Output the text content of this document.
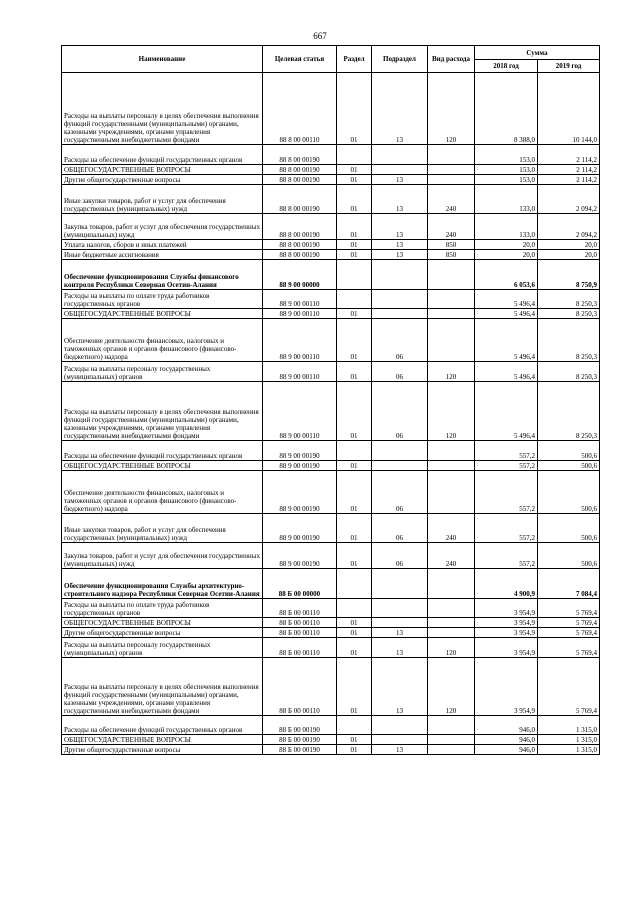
667
Наименование	Целевая статья	Раздел	Подраздел	Вид расхода	Сумма	
					2018 год	2019 год
Расходы на выплаты персоналу в целях обеспечения выполнения функций государственными (муниципальными) органами, казенными учреждениями, органами управления государственными внебюджетными фондами	88 8 00 00110	01	13	120	8 388,0	10 144,0
Расходы на обеспечение функций государственных органов	88 8 00 00190				153,0	2 114,2
ОБЩЕГОСУДАРСТВЕННЫЕ ВОПРОСЫ	88 8 00 00190	01			153,0	2 114,2
Другие общегосударственные вопросы	88 8 00 00190	01	13		153,0	2 114,2
Иные закупки товаров, работ и услуг для обеспечения государственных (муниципальных) нужд	88 8 00 00190	01	13	240	133,0	2 094,2
Закупка товаров, работ и услуг для обеспечения государственных (муниципальных) нужд	88 8 00 00190	01	13	240	133,0	2 094,2
Уплата налогов, сборов и иных платежей	88 8 00 00190	01	13	850	20,0	20,0
Иные бюджетные ассигнования	88 8 00 00190	01	13	850	20,0	20,0
Обеспечение функционирования Службы финансового контроля Республики Северная Осетии-Алания	88 9 00 00000				6 053,6	8 750,9
Расходы на выплаты по оплате труда работников государственных органов	88 9 00 00110				5 496,4	8 250,3
ОБЩЕГОСУДАРСТВЕННЫЕ ВОПРОСЫ	88 9 00 00110	01			5 496,4	8 250,3
Обеспечение деятельности финансовых, налоговых и таможенных органов и органов финансового (финансово-бюджетного) надзора	88 9 00 00110	01	06		5 496,4	8 250,3
Расходы на выплаты персоналу государственных (муниципальных) органов	88 9 00 00110	01	06	120	5 496,4	8 250,3
Расходы на выплаты персоналу в целях обеспечения выполнения функций государственными (муниципальными) органами, казенными учреждениями, органами управления государственными внебюджетными фондами	88 9 00 00110	01	06	120	5 496,4	8 250,3
Расходы на обеспечение функций государственных органов	88 9 00 00190				557,2	500,6
ОБЩЕГОСУДАРСТВЕННЫЕ ВОПРОСЫ	88 9 00 00190	01			557,2	500,6
Обеспечение деятельности финансовых, налоговых и таможенных органов и органов финансового (финансово-бюджетного) надзора	88 9 00 00190	01	06		557,2	500,6
Иные закупки товаров, работ и услуг для обеспечения государственных (муниципальных) нужд	88 9 00 00190	01	06	240	557,2	500,6
Закупка товаров, работ и услуг для обеспечения государственных (муниципальных) нужд	88 9 00 00190	01	06	240	557,2	500,6
Обеспечение функционирования Службы архитектурно-строительного надзора Республики Северная Осетии-Алания	88 Б 00 00000				4 900,9	7 084,4
Расходы на выплаты по оплате труда работников государственных органов	88 Б 00 00110				3 954,9	5 769,4
ОБЩЕГОСУДАРСТВЕННЫЕ ВОПРОСЫ	88 Б 00 00110	01			3 954,9	5 769,4
Другие общегосударственные вопросы	88 Б 00 00110	01	13		3 954,9	5 769,4
Расходы на выплаты персоналу государственных (муниципальных) органов	88 Б 00 00110	01	13	120	3 954,9	5 769,4
Расходы на выплаты персоналу в целях обеспечения выполнения функций государственными (муниципальными) органами, казенными учреждениями, органами управления государственными внебюджетными фондами	88 Б 00 00110	01	13	120	3 954,9	5 769,4
Расходы на обеспечение функций государственных органов	88 Б 00 00190				946,0	1 315,0
ОБЩЕГОСУДАРСТВЕННЫЕ ВОПРОСЫ	88 Б 00 00190	01			946,0	1 315,0
Другие общегосударственные вопросы	88 Б 00 00190	01	13		946,0	1 315,0
